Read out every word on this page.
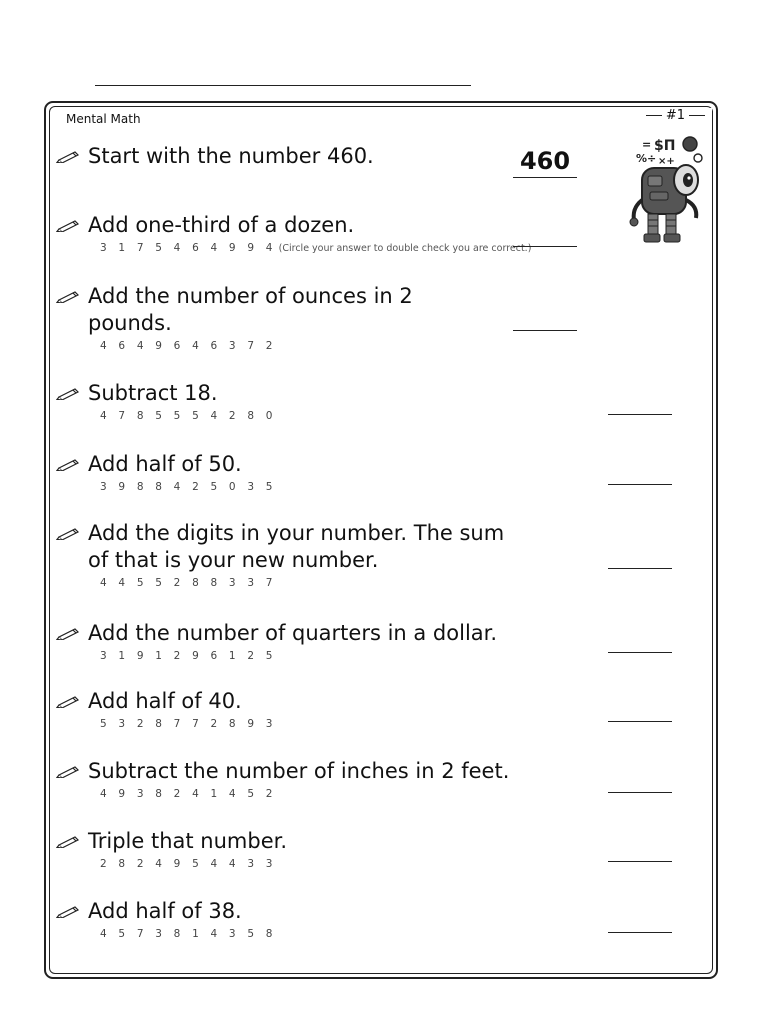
Mental Math	#1
= $Π
%÷ ×+
Start with the number 460.	460
Add one-third of a dozen.
3 1 7 5 4 6 4 9 9 4 (Circle your answer to double check you are correct.)
Add the number of ounces in 2 pounds.
4 6 4 9 6 4 6 3 7 2
Subtract 18.
4 7 8 5 5 5 4 2 8 0
Add half of 50.
3 9 8 8 4 2 5 0 3 5
Add the digits in your number. The sum of that is your new number.
4 4 5 5 2 8 8 3 3 7
Add the number of quarters in a dollar.
3 1 9 1 2 9 6 1 2 5
Add half of 40.
5 3 2 8 7 7 2 8 9 3
Subtract the number of inches in 2 feet.
4 9 3 8 2 4 1 4 5 2
Triple that number.
2 8 2 4 9 5 4 4 3 3
Add half of 38.
4 5 7 3 8 1 4 3 5 8
